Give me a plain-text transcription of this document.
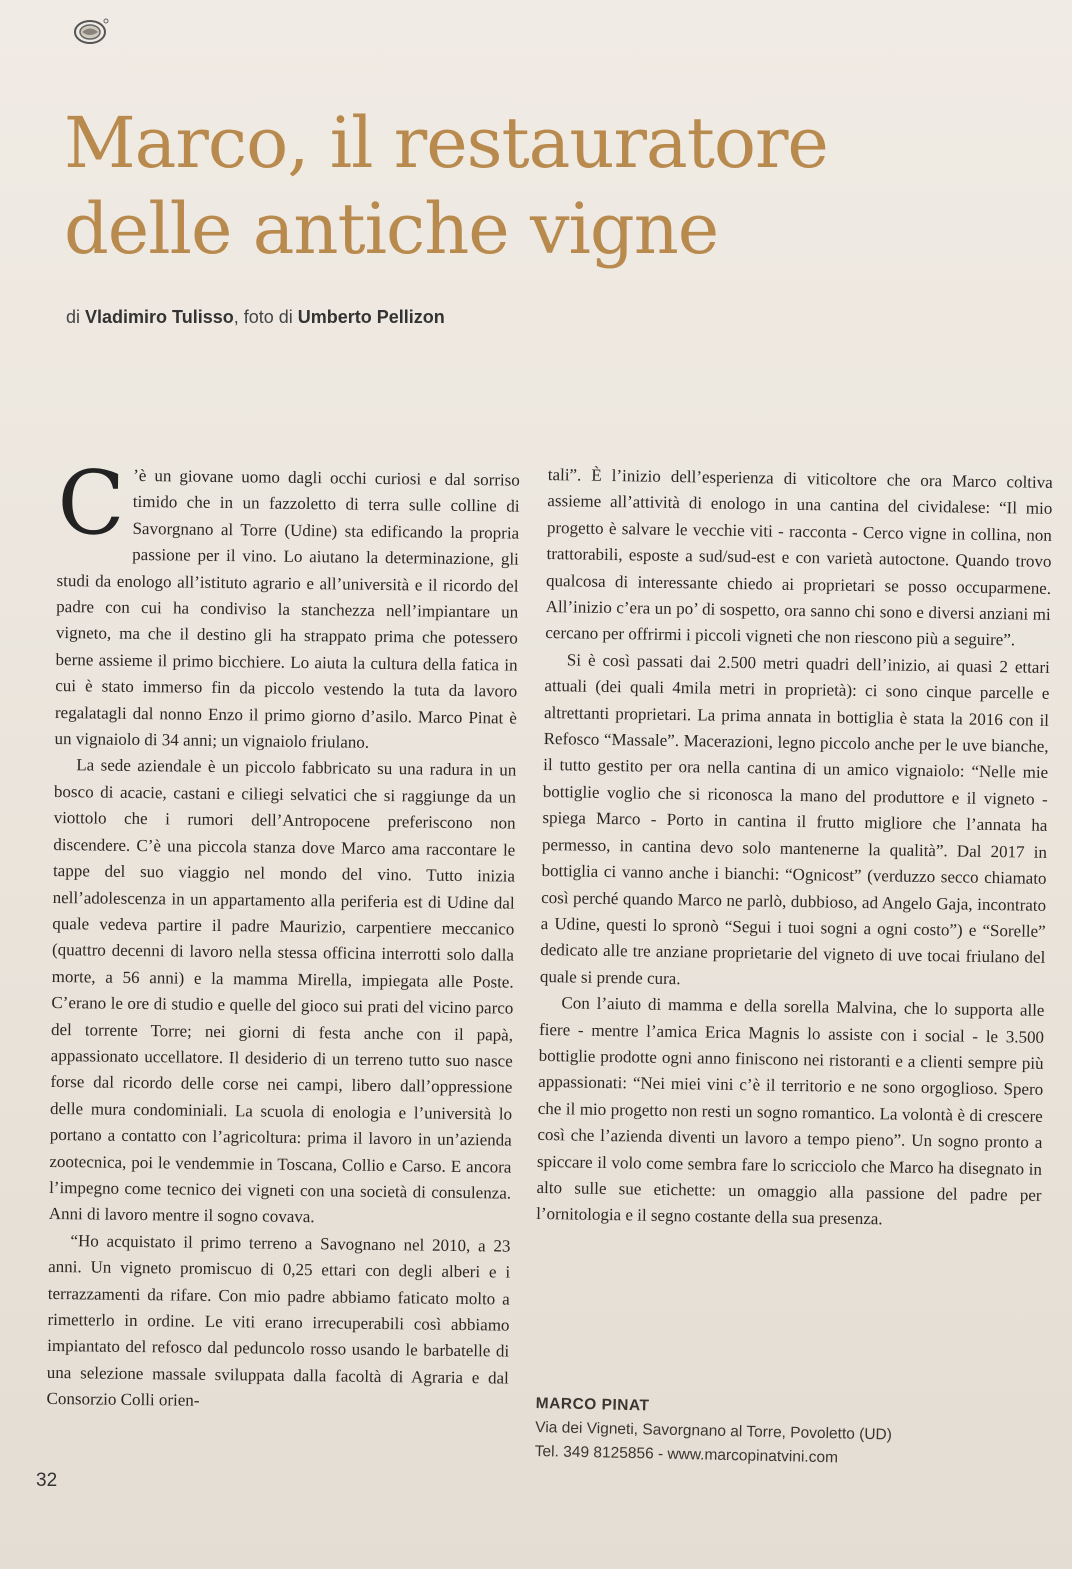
Marco, il restauratore
delle antiche vigne
di Vladimiro Tulisso, foto di Umberto Pellizon

C ’è un giovane uomo dagli occhi curiosi e dal sorriso timido che in un fazzoletto di terra sulle colline di Savorgnano al Torre (Udine) sta edificando la propria passione per il vino. Lo aiutano la determinazione, gli studi da enologo all’istituto agrario e all’università e il ricordo del padre con cui ha condiviso la stanchezza nell’impiantare un vigneto, ma che il destino gli ha strappato prima che potessero berne assieme il primo bicchiere. Lo aiuta la cultura della fatica in cui è stato immerso fin da piccolo vestendo la tuta da lavoro regalatagli dal nonno Enzo il primo giorno d’asilo. Marco Pinat è un vignaiolo di 34 anni; un vignaiolo friulano.

La sede aziendale è un piccolo fabbricato su una radura in un bosco di acacie, castani e ciliegi selvatici che si raggiunge da un viottolo che i rumori dell’Antropocene preferiscono non discendere. C’è una piccola stanza dove Marco ama raccontare le tappe del suo viaggio nel mondo del vino. Tutto inizia nell’adolescenza in un appartamento alla periferia est di Udine dal quale vedeva partire il padre Maurizio, carpentiere meccanico (quattro decenni di lavoro nella stessa officina interrotti solo dalla morte, a 56 anni) e la mamma Mirella, impiegata alle Poste. C’erano le ore di studio e quelle del gioco sui prati del vicino parco del torrente Torre; nei giorni di festa anche con il papà, appassionato uccellatore. Il desiderio di un terreno tutto suo nasce forse dal ricordo delle corse nei campi, libero dall’oppressione delle mura condominiali. La scuola di enologia e l’università lo portano a contatto con l’agricoltura: prima il lavoro in un’azienda zootecnica, poi le vendemmie in Toscana, Collio e Carso. E ancora l’impegno come tecnico dei vigneti con una società di consulenza. Anni di lavoro mentre il sogno covava.

“Ho acquistato il primo terreno a Savognano nel 2010, a 23 anni. Un vigneto promiscuo di 0,25 ettari con degli alberi e i terrazzamenti da rifare. Con mio padre abbiamo faticato molto a rimetterlo in ordine. Le viti erano irrecuperabili così abbiamo impiantato del refosco dal peduncolo rosso usando le barbatelle di una selezione massale sviluppata dalla facoltà di Agraria e dal Consorzio Colli orien-

tali”. È l’inizio dell’esperienza di viticoltore che ora Marco coltiva assieme all’attività di enologo in una cantina del cividalese: “Il mio progetto è salvare le vecchie viti - racconta - Cerco vigne in collina, non trattorabili, esposte a sud/sud-est e con varietà autoctone. Quando trovo qualcosa di interessante chiedo ai proprietari se posso occuparmene. All’inizio c’era un po’ di sospetto, ora sanno chi sono e diversi anziani mi cercano per offrirmi i piccoli vigneti che non riescono più a seguire”.

Si è così passati dai 2.500 metri quadri dell’inizio, ai quasi 2 ettari attuali (dei quali 4mila metri in proprietà): ci sono cinque parcelle e altrettanti proprietari. La prima annata in bottiglia è stata la 2016 con il Refosco “Massale”. Macerazioni, legno piccolo anche per le uve bianche, il tutto gestito per ora nella cantina di un amico vignaiolo: “Nelle mie bottiglie voglio che si riconosca la mano del produttore e il vigneto - spiega Marco - Porto in cantina il frutto migliore che l’annata ha permesso, in cantina devo solo mantenerne la qualità”. Dal 2017 in bottiglia ci vanno anche i bianchi: “Ognicost” (verduzzo secco chiamato così perché quando Marco ne parlò, dubbioso, ad Angelo Gaja, incontrato a Udine, questi lo spronò “Segui i tuoi sogni a ogni costo”) e “Sorelle” dedicato alle tre anziane proprietarie del vigneto di uve tocai friulano del quale si prende cura.

Con l’aiuto di mamma e della sorella Malvina, che lo supporta alle fiere - mentre l’amica Erica Magnis lo assiste con i social - le 3.500 bottiglie prodotte ogni anno finiscono nei ristoranti e a clienti sempre più appassionati: “Nei miei vini c’è il territorio e ne sono orgoglioso. Spero che il mio progetto non resti un sogno romantico. La volontà è di crescere così che l’azienda diventi un lavoro a tempo pieno”. Un sogno pronto a spiccare il volo come sembra fare lo scricciolo che Marco ha disegnato in alto sulle sue etichette: un omaggio alla passione del padre per l’ornitologia e il segno costante della sua presenza.

MARCO PINAT
Via dei Vigneti, Savorgnano al Torre, Povoletto (UD)
Tel. 349 8125856 - www.marcopinatvini.com
32
